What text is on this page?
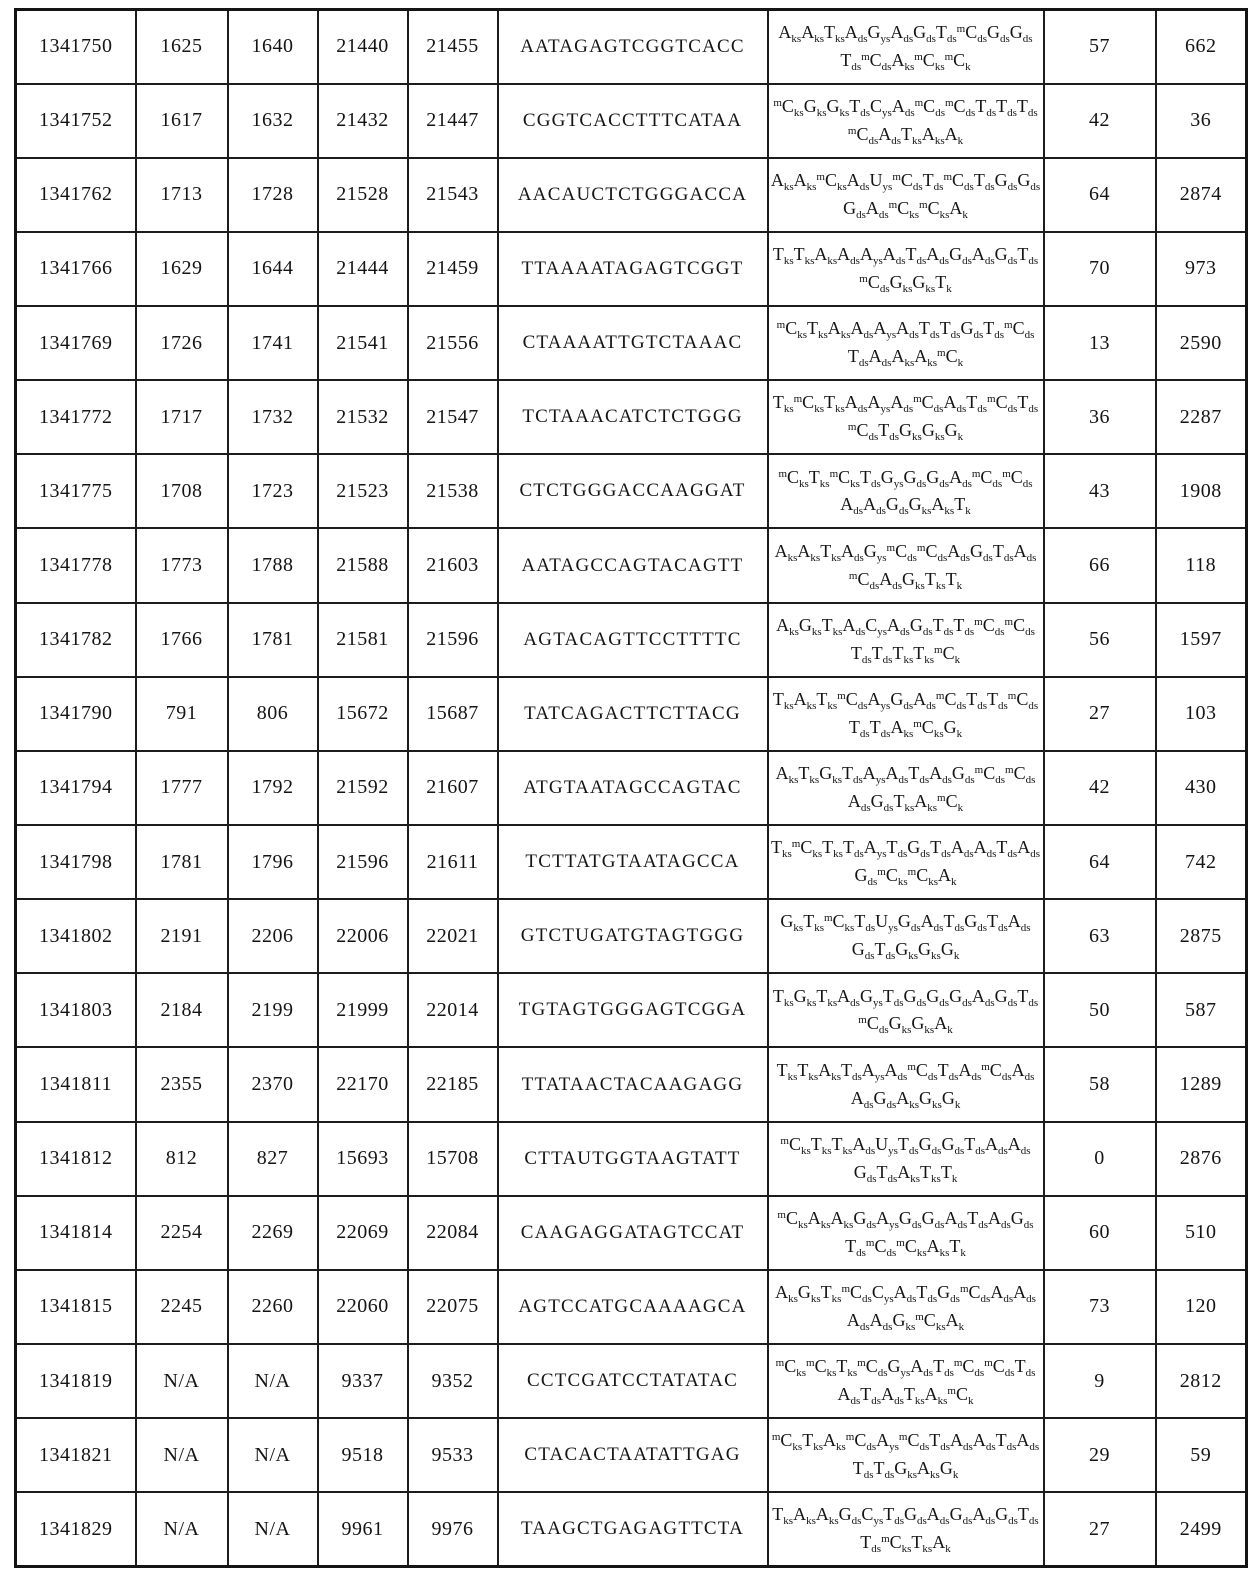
1341750	1625	1640	21440	21455	AATAGAGTCGGTCACC	$A_{ks}A_{ks}T_{ks}A_{ds}G_{ys}A_{ds}G_{ds}T_{ds}^mC_{ds}G_{ds}G_{ds}T_{ds}^mC_{ds}A_{ks}^mC_{ks}^mC_k$	57	662
1341752	1617	1632	21432	21447	CGGTCACCTTTCATAA	$^mC_{ks}G_{ks}G_{ks}T_{ds}C_{ys}A_{ds}^mC_{ds}^mC_{ds}T_{ds}T_{ds}T_{ds}^mC_{ds}A_{ds}T_{ks}A_{ks}A_k$	42	36
1341762	1713	1728	21528	21543	AACAUCTCTGGGACCA	$A_{ks}A_{ks}^mC_{ks}A_{ds}U_{ys}^mC_{ds}T_{ds}^mC_{ds}T_{ds}G_{ds}G_{ds}G_{ds}A_{ds}^mC_{ks}^mC_{ks}A_k$	64	2874
1341766	1629	1644	21444	21459	TTAAAATAGAGTCGGT	$T_{ks}T_{ks}A_{ks}A_{ds}A_{ys}A_{ds}T_{ds}A_{ds}G_{ds}A_{ds}G_{ds}T_{ds}^mC_{ds}G_{ks}G_{ks}T_k$	70	973
1341769	1726	1741	21541	21556	CTAAAATTGTCTAAAC	$^mC_{ks}T_{ks}A_{ks}A_{ds}A_{ys}A_{ds}T_{ds}T_{ds}G_{ds}T_{ds}^mC_{ds}T_{ds}A_{ds}A_{ks}A_{ks}^mC_k$	13	2590
1341772	1717	1732	21532	21547	TCTAAACATCTCTGGG	$T_{ks}^mC_{ks}T_{ks}A_{ds}A_{ys}A_{ds}^mC_{ds}A_{ds}T_{ds}^mC_{ds}T_{ds}^mC_{ds}T_{ds}G_{ks}G_{ks}G_k$	36	2287
1341775	1708	1723	21523	21538	CTCTGGGACCAAGGAT	$^mC_{ks}T_{ks}^mC_{ks}T_{ds}G_{ys}G_{ds}G_{ds}A_{ds}^mC_{ds}^mC_{ds}A_{ds}A_{ds}G_{ds}G_{ks}A_{ks}T_k$	43	1908
1341778	1773	1788	21588	21603	AATAGCCAGTACAGTT	$A_{ks}A_{ks}T_{ks}A_{ds}G_{ys}^mC_{ds}^mC_{ds}A_{ds}G_{ds}T_{ds}A_{ds}^mC_{ds}A_{ds}G_{ks}T_{ks}T_k$	66	118
1341782	1766	1781	21581	21596	AGTACAGTTCCTTTTC	$A_{ks}G_{ks}T_{ks}A_{ds}C_{ys}A_{ds}G_{ds}T_{ds}T_{ds}^mC_{ds}^mC_{ds}T_{ds}T_{ds}T_{ks}T_{ks}^mC_k$	56	1597
1341790	791	806	15672	15687	TATCAGACTTCTTACG	$T_{ks}A_{ks}T_{ks}^mC_{ds}A_{ys}G_{ds}A_{ds}^mC_{ds}T_{ds}T_{ds}^mC_{ds}T_{ds}T_{ds}A_{ks}^mC_{ks}G_k$	27	103
1341794	1777	1792	21592	21607	ATGTAATAGCCAGTAC	$A_{ks}T_{ks}G_{ks}T_{ds}A_{ys}A_{ds}T_{ds}A_{ds}G_{ds}^mC_{ds}^mC_{ds}A_{ds}G_{ds}T_{ks}A_{ks}^mC_k$	42	430
1341798	1781	1796	21596	21611	TCTTATGTAATAGCCA	$T_{ks}^mC_{ks}T_{ks}T_{ds}A_{ys}T_{ds}G_{ds}T_{ds}A_{ds}A_{ds}T_{ds}A_{ds}G_{ds}^mC_{ks}^mC_{ks}A_k$	64	742
1341802	2191	2206	22006	22021	GTCTUGATGTAGTGGG	$G_{ks}T_{ks}^mC_{ks}T_{ds}U_{ys}G_{ds}A_{ds}T_{ds}G_{ds}T_{ds}A_{ds}G_{ds}T_{ds}G_{ks}G_{ks}G_k$	63	2875
1341803	2184	2199	21999	22014	TGTAGTGGGAGTCGGA	$T_{ks}G_{ks}T_{ks}A_{ds}G_{ys}T_{ds}G_{ds}G_{ds}G_{ds}A_{ds}G_{ds}T_{ds}^mC_{ds}G_{ks}G_{ks}A_k$	50	587
1341811	2355	2370	22170	22185	TTATAACTACAAGAGG	$T_{ks}T_{ks}A_{ks}T_{ds}A_{ys}A_{ds}^mC_{ds}T_{ds}A_{ds}^mC_{ds}A_{ds}A_{ds}G_{ds}A_{ks}G_{ks}G_k$	58	1289
1341812	812	827	15693	15708	CTTAUTGGTAAGTATT	$^mC_{ks}T_{ks}T_{ks}A_{ds}U_{ys}T_{ds}G_{ds}G_{ds}T_{ds}A_{ds}A_{ds}G_{ds}T_{ds}A_{ks}T_{ks}T_k$	0	2876
1341814	2254	2269	22069	22084	CAAGAGGATAGTCCAT	$^mC_{ks}A_{ks}A_{ks}G_{ds}A_{ys}G_{ds}G_{ds}A_{ds}T_{ds}A_{ds}G_{ds}T_{ds}^mC_{ds}^mC_{ks}A_{ks}T_k$	60	510
1341815	2245	2260	22060	22075	AGTCCATGCAAAAGCA	$A_{ks}G_{ks}T_{ks}^mC_{ds}C_{ys}A_{ds}T_{ds}G_{ds}^mC_{ds}A_{ds}A_{ds}A_{ds}A_{ds}G_{ks}^mC_{ks}A_k$	73	120
1341819	N/A	N/A	9337	9352	CCTCGATCCTATATAC	$^mC_{ks}^mC_{ks}T_{ks}^mC_{ds}G_{ys}A_{ds}T_{ds}^mC_{ds}^mC_{ds}T_{ds}A_{ds}T_{ds}A_{ds}T_{ks}A_{ks}^mC_k$	9	2812
1341821	N/A	N/A	9518	9533	CTACACTAATATTGAG	$^mC_{ks}T_{ks}A_{ks}^mC_{ds}A_{ys}^mC_{ds}T_{ds}A_{ds}A_{ds}T_{ds}A_{ds}T_{ds}T_{ds}G_{ks}A_{ks}G_k$	29	59
1341829	N/A	N/A	9961	9976	TAAGCTGAGAGTTCTA	$T_{ks}A_{ks}A_{ks}G_{ds}C_{ys}T_{ds}G_{ds}A_{ds}G_{ds}A_{ds}G_{ds}T_{ds}T_{ds}^mC_{ks}T_{ks}A_k$	27	2499
